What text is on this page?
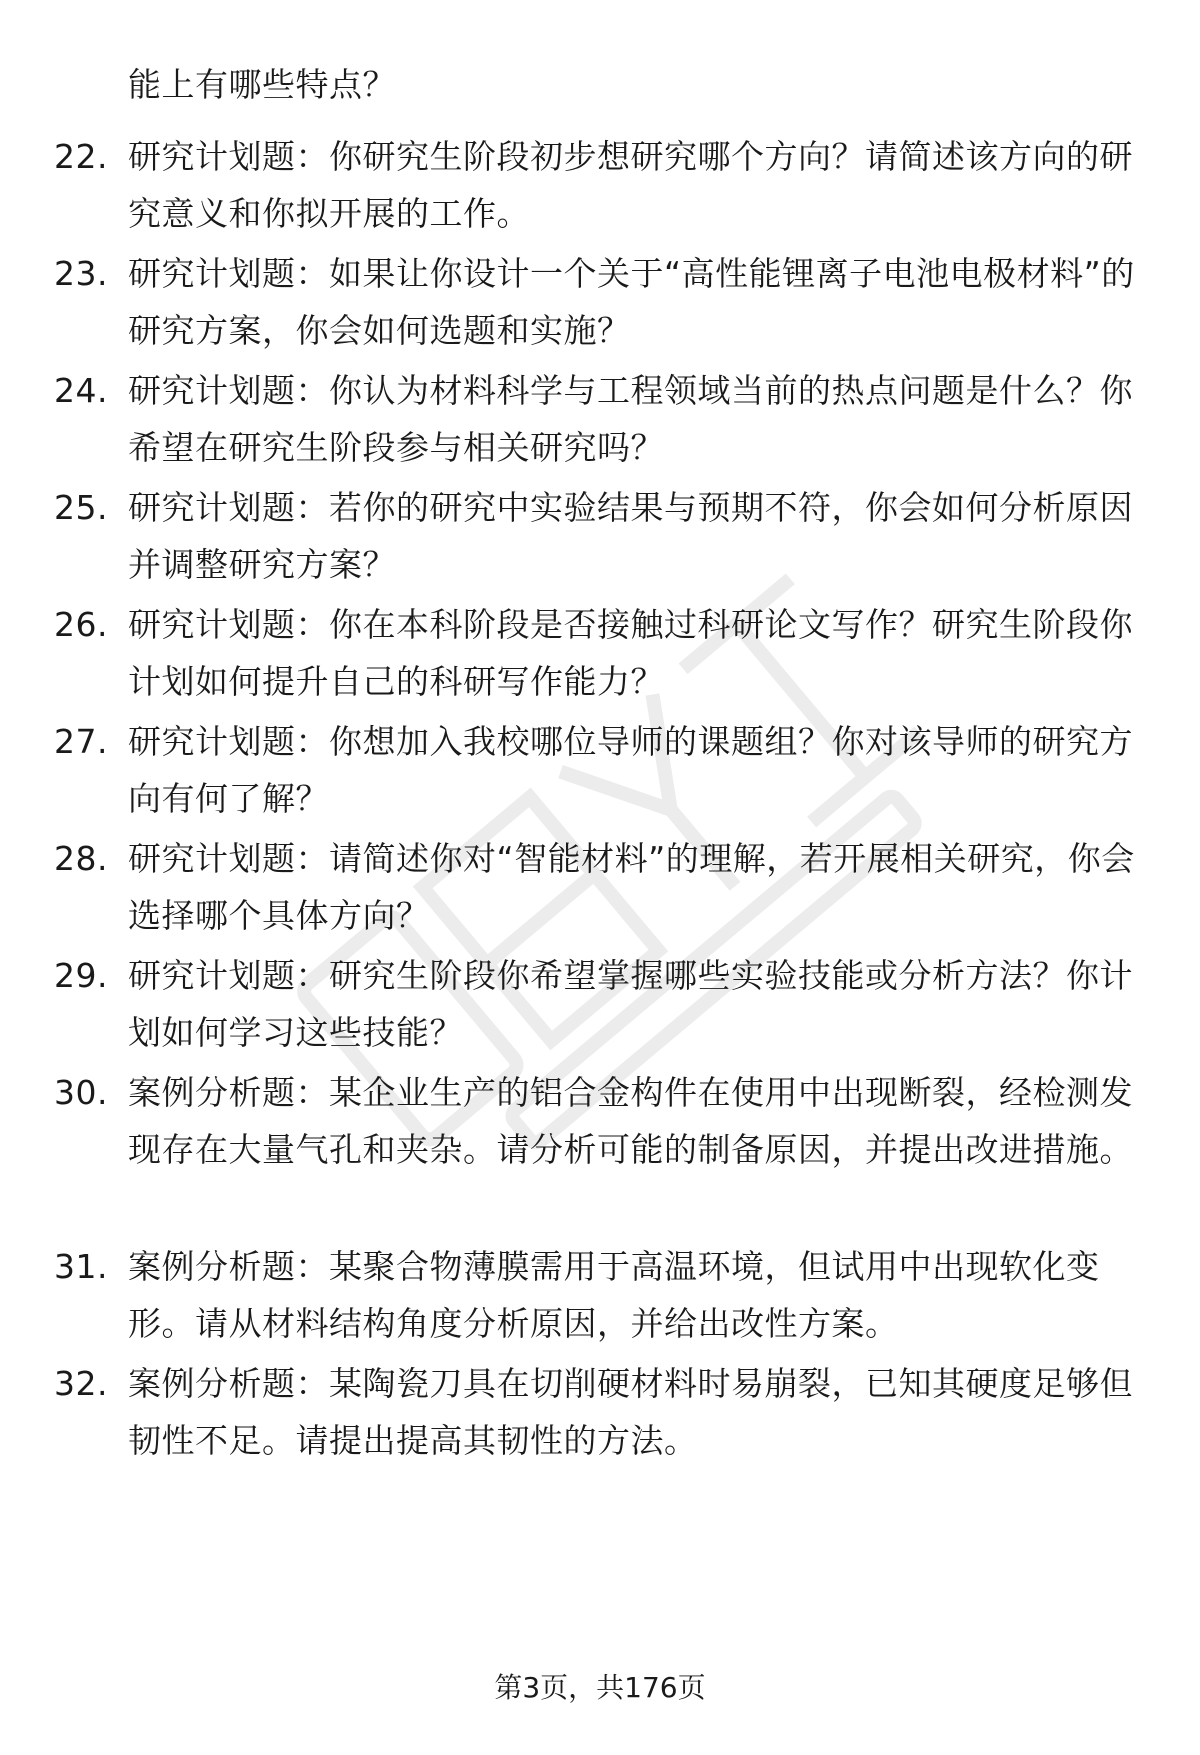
能上有哪些特点？
22. 研究计划题：你研究生阶段初步想研究哪个方向？请简述该方向的研究意义和你拟开展的工作。
23. 研究计划题：如果让你设计一个关于“高性能锂离子电池电极材料”的研究方案，你会如何选题和实施？
24. 研究计划题：你认为材料科学与工程领域当前的热点问题是什么？你希望在研究生阶段参与相关研究吗？
25. 研究计划题：若你的研究中实验结果与预期不符，你会如何分析原因并调整研究方案？
26. 研究计划题：你在本科阶段是否接触过科研论文写作？研究生阶段你计划如何提升自己的科研写作能力？
27. 研究计划题：你想加入我校哪位导师的课题组？你对该导师的研究方向有何了解？
28. 研究计划题：请简述你对“智能材料”的理解，若开展相关研究，你会选择哪个具体方向？
29. 研究计划题：研究生阶段你希望掌握哪些实验技能或分析方法？你计划如何学习这些技能？
30. 案例分析题：某企业生产的铝合金构件在使用中出现断裂，经检测发现存在大量气孔和夹杂。请分析可能的制备原因，并提出改进措施。
31. 案例分析题：某聚合物薄膜需用于高温环境，但试用中出现软化变形。请从材料结构角度分析原因，并给出改性方案。
32. 案例分析题：某陶瓷刀具在切削硬材料时易崩裂，已知其硬度足够但韧性不足。请提出提高其韧性的方法。
第3页，共176页
